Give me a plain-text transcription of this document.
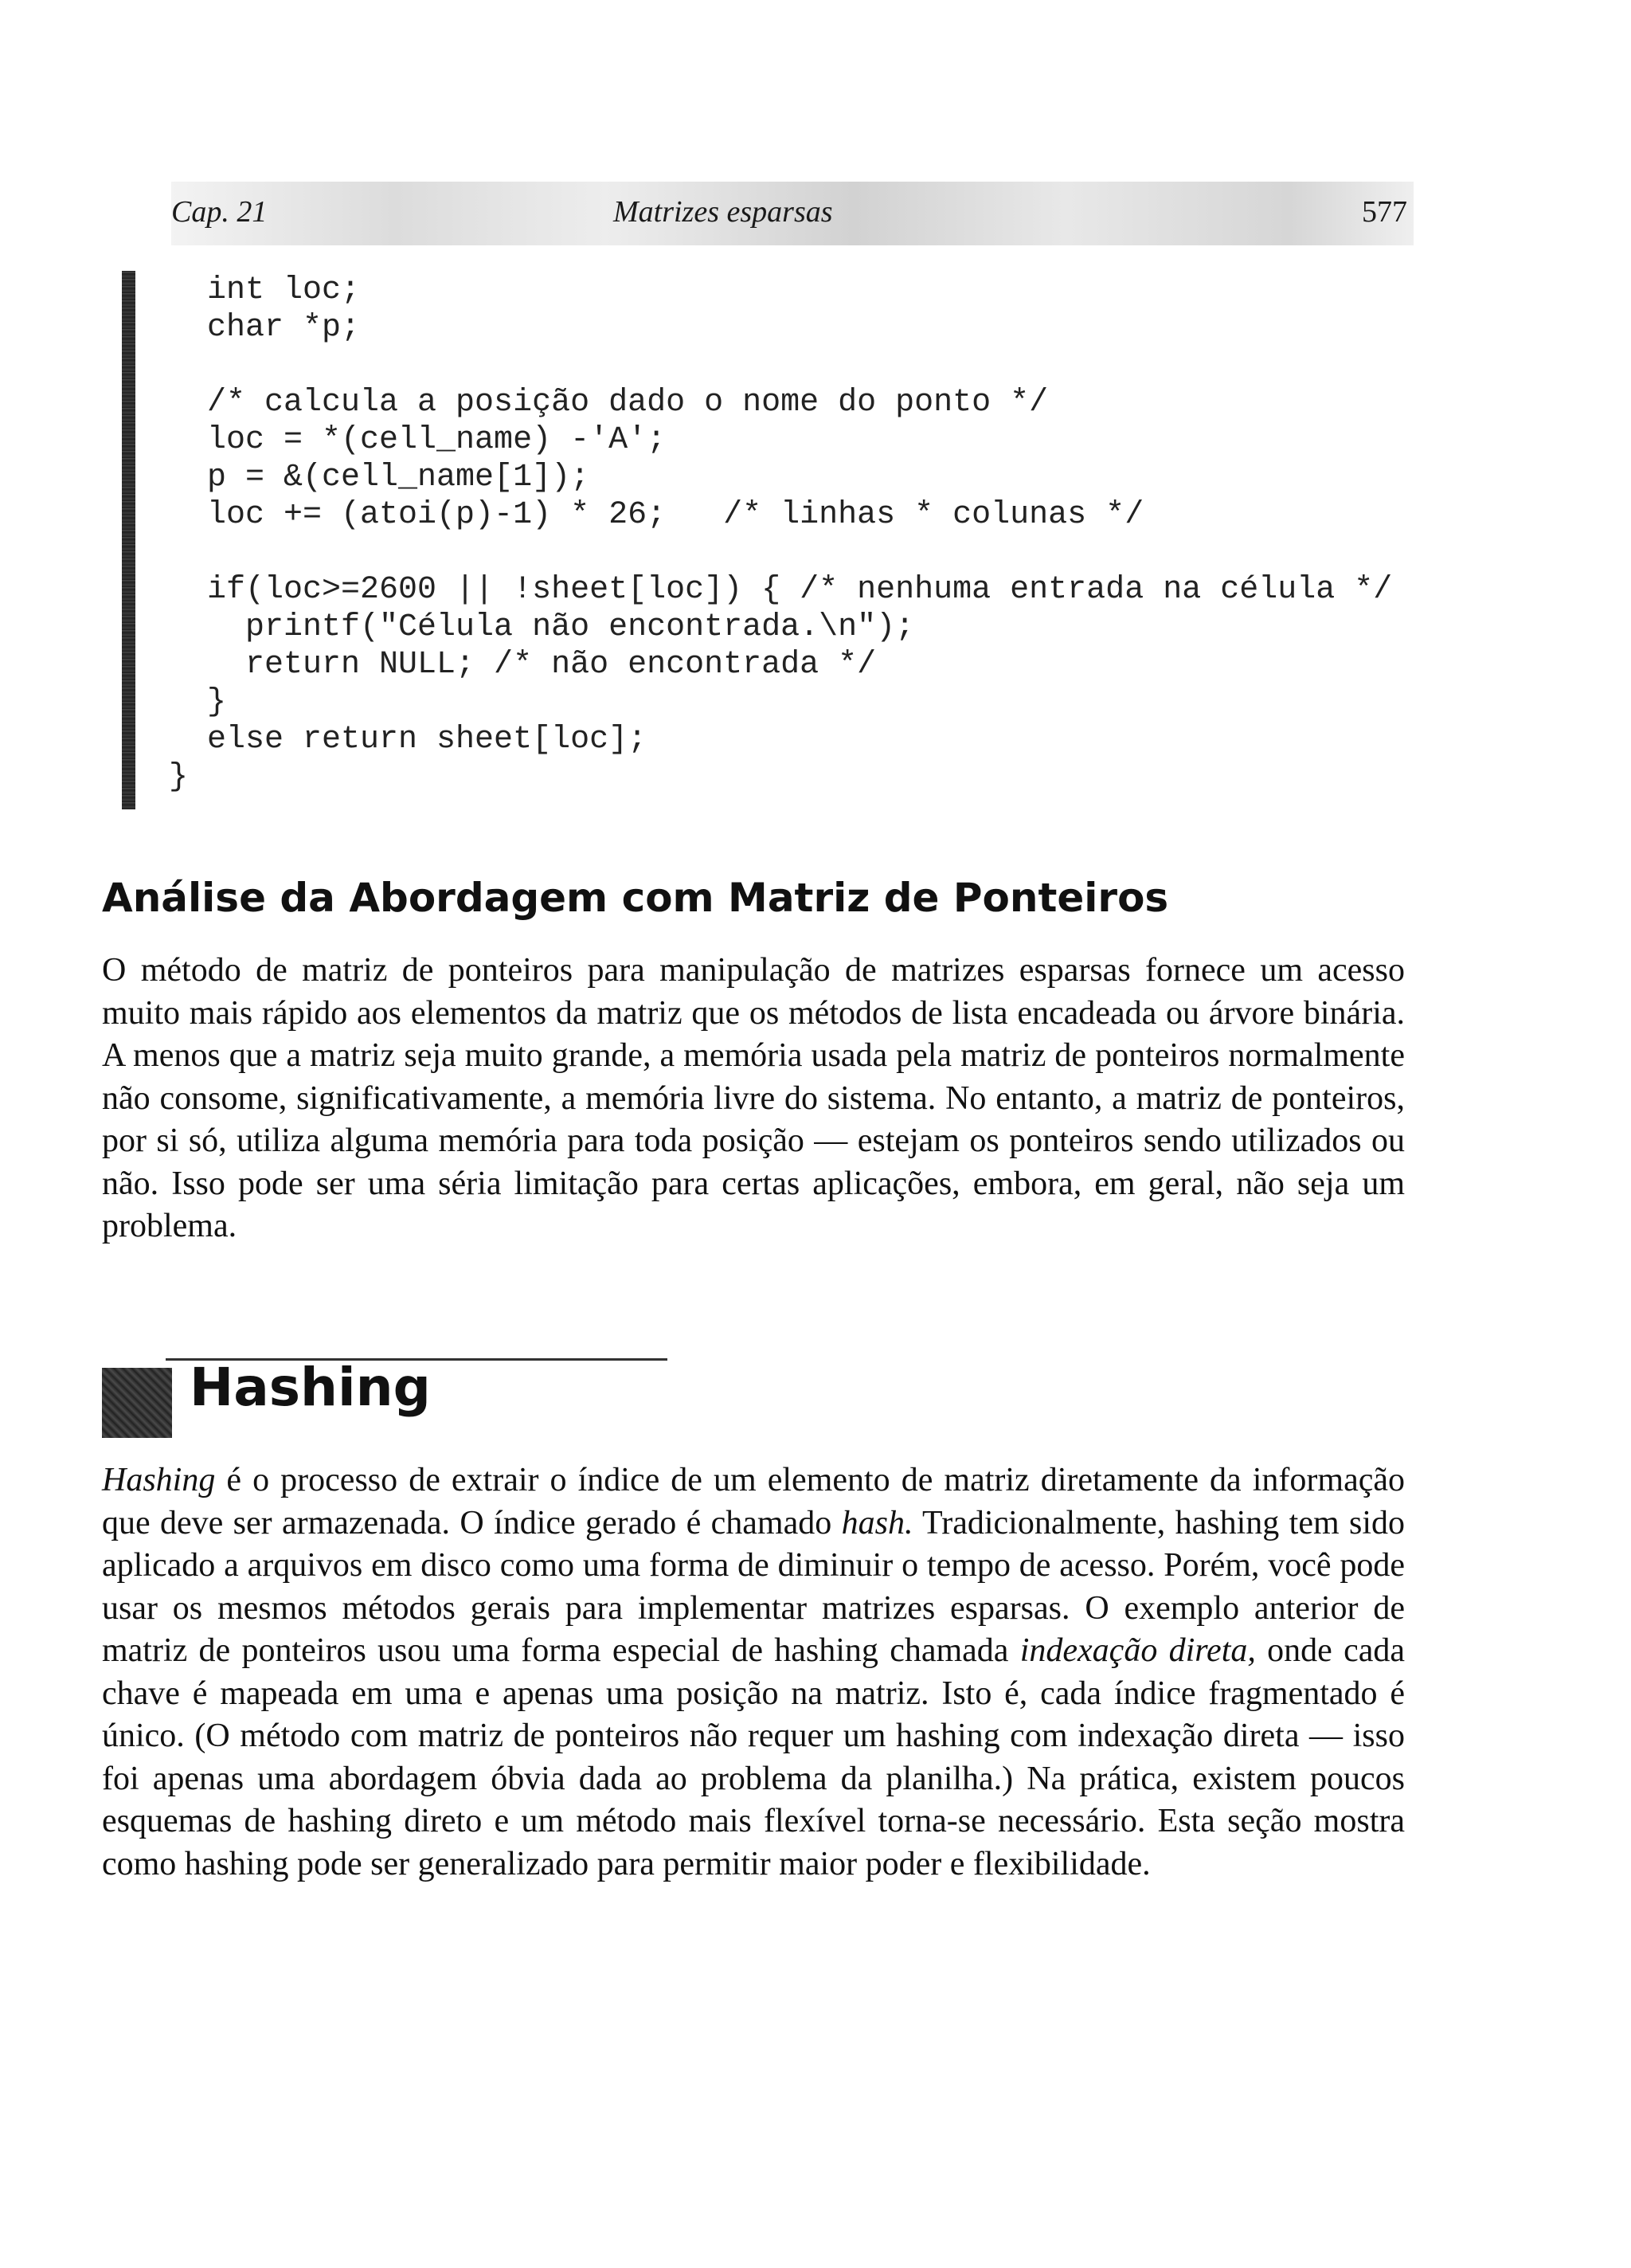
Cap. 21	Matrizes esparsas	577
int loc;
char *p;
/* calcula a posição dado o nome do ponto */
loc = *(cell_name) -'A';
p = &(cell_name[1]);
loc += (atoi(p)-1) * 26;   /* linhas * colunas */
if(loc>=2600 || !sheet[loc]) { /* nenhuma entrada na célula */
printf("Célula não encontrada.\n");
return NULL; /* não encontrada */
}
else return sheet[loc];
}
Análise da Abordagem com Matriz de Ponteiros

O método de matriz de ponteiros para manipulação de matrizes esparsas fornece um acesso muito mais rápido aos elementos da matriz que os métodos de lista encadeada ou árvore binária. A menos que a matriz seja muito grande, a memória usada pela matriz de ponteiros normalmente não consome, significativamente, a memória livre do sistema. No entanto, a matriz de ponteiros, por si só, utiliza alguma memória para toda posição — estejam os ponteiros sendo utilizados ou não. Isso pode ser uma séria limitação para certas aplicações, embora, em geral, não seja um problema.

Hashing

Hashing é o processo de extrair o índice de um elemento de matriz diretamente da informação que deve ser armazenada. O índice gerado é chamado hash. Tradicionalmente, hashing tem sido aplicado a arquivos em disco como uma forma de diminuir o tempo de acesso. Porém, você pode usar os mesmos métodos gerais para implementar matrizes esparsas. O exemplo anterior de matriz de ponteiros usou uma forma especial de hashing chamada indexação direta, onde cada chave é mapeada em uma e apenas uma posição na matriz. Isto é, cada índice fragmentado é único. (O método com matriz de ponteiros não requer um hashing com indexação direta — isso foi apenas uma abordagem óbvia dada ao problema da planilha.) Na prática, existem poucos esquemas de hashing direto e um método mais flexível torna-se necessário. Esta seção mostra como hashing pode ser generalizado para permitir maior poder e flexibilidade.
